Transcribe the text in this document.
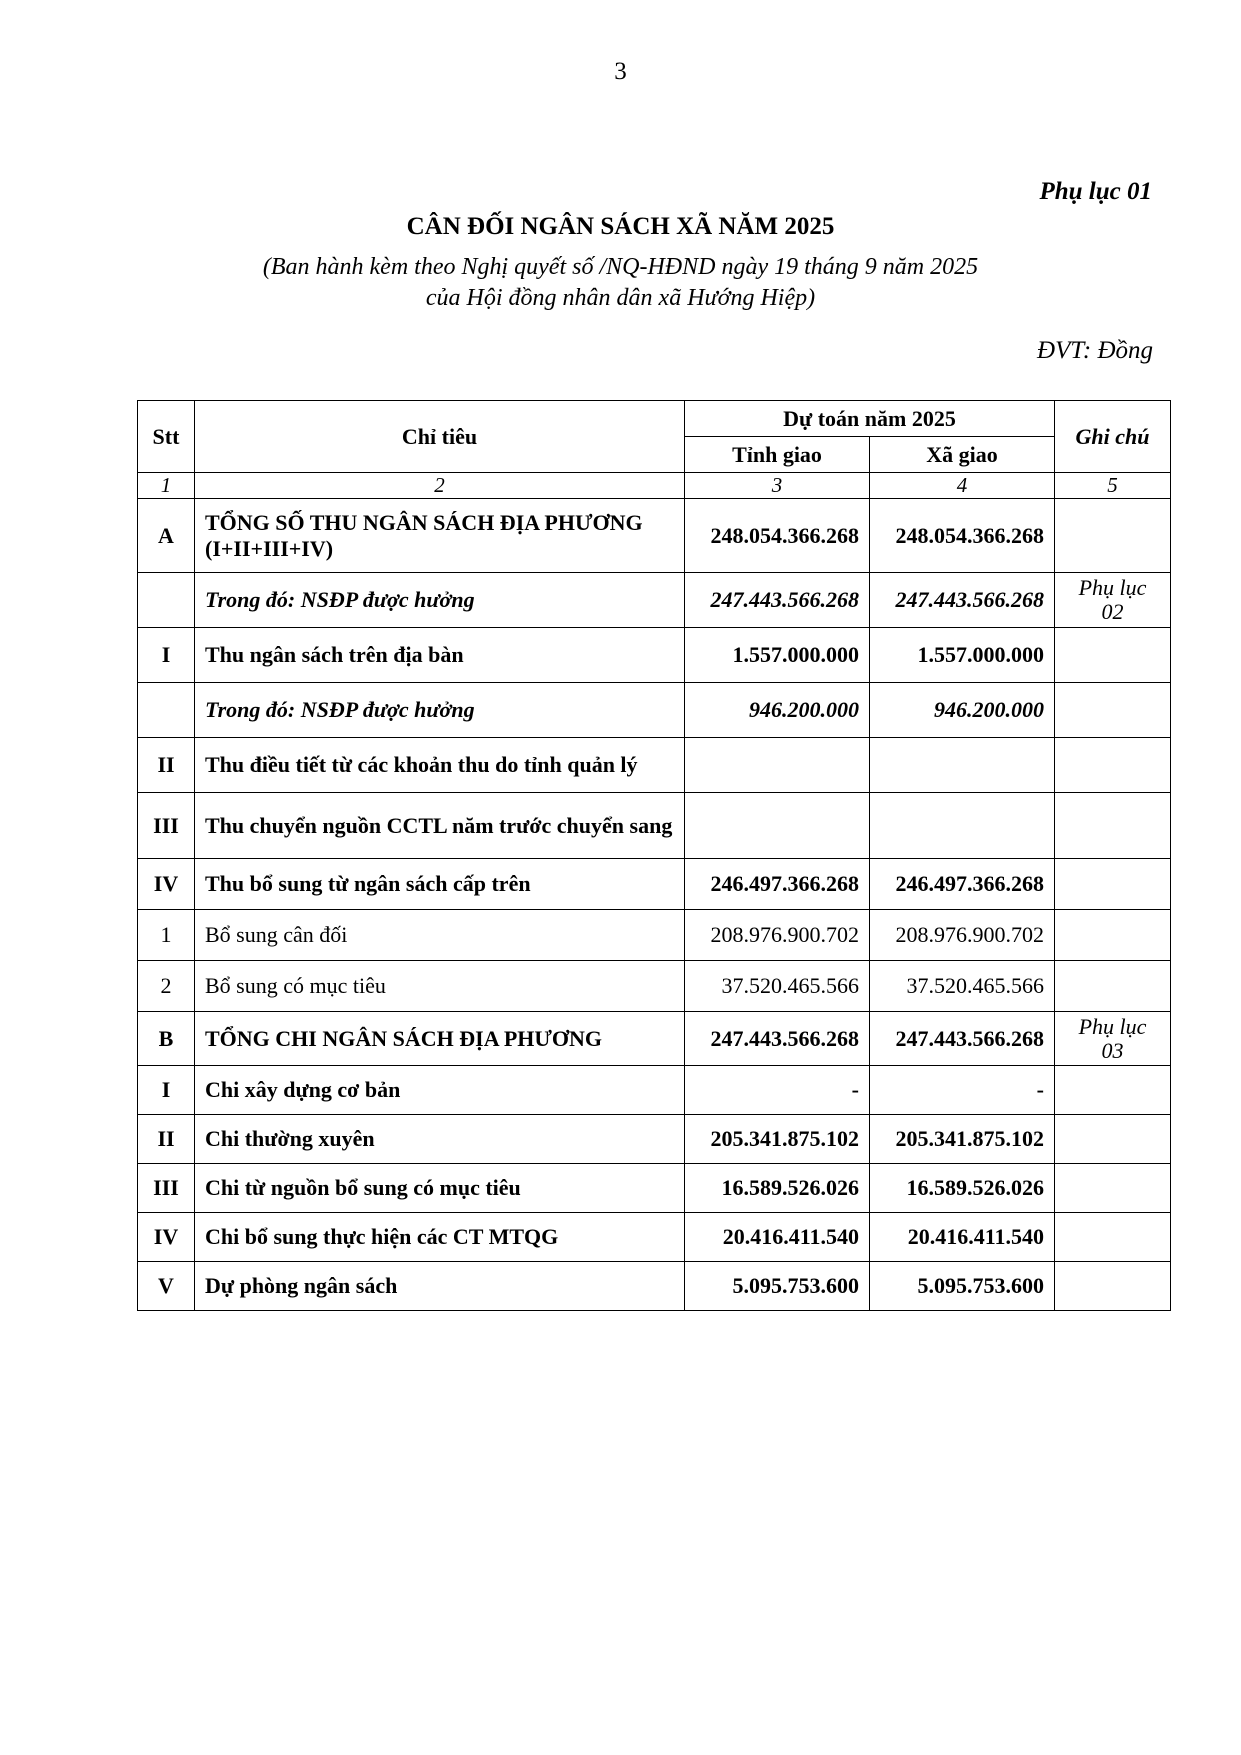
3
Phụ lục 01
CÂN ĐỐI NGÂN SÁCH XÃ NĂM 2025
(Ban hành kèm theo Nghị quyết số /NQ-HĐND ngày 19 tháng 9 năm 2025
của Hội đồng nhân dân xã Hướng Hiệp)
ĐVT: Đồng
Stt	Chỉ tiêu	Dự toán năm 2025		Ghi chú
		Tỉnh giao	Xã giao	
1	2	3	4	5
A	TỔNG SỐ THU NGÂN SÁCH ĐỊA PHƯƠNG (I+II+III+IV)	248.054.366.268	248.054.366.268	
	Trong đó: NSĐP được hưởng	247.443.566.268	247.443.566.268	Phụ lục 02
I	Thu ngân sách trên địa bàn	1.557.000.000	1.557.000.000	
	Trong đó: NSĐP được hưởng	946.200.000	946.200.000	
II	Thu điều tiết từ các khoản thu do tỉnh quản lý			
III	Thu chuyển nguồn CCTL năm trước chuyển sang			
IV	Thu bổ sung từ ngân sách cấp trên	246.497.366.268	246.497.366.268	
1	Bổ sung cân đối	208.976.900.702	208.976.900.702	
2	Bổ sung có mục tiêu	37.520.465.566	37.520.465.566	
B	TỔNG CHI NGÂN SÁCH ĐỊA PHƯƠNG	247.443.566.268	247.443.566.268	Phụ lục 03
I	Chi xây dựng cơ bản	-	-	
II	Chi thường xuyên	205.341.875.102	205.341.875.102	
III	Chi từ nguồn bổ sung có mục tiêu	16.589.526.026	16.589.526.026	
IV	Chi bổ sung thực hiện các CT MTQG	20.416.411.540	20.416.411.540	
V	Dự phòng ngân sách	5.095.753.600	5.095.753.600	
